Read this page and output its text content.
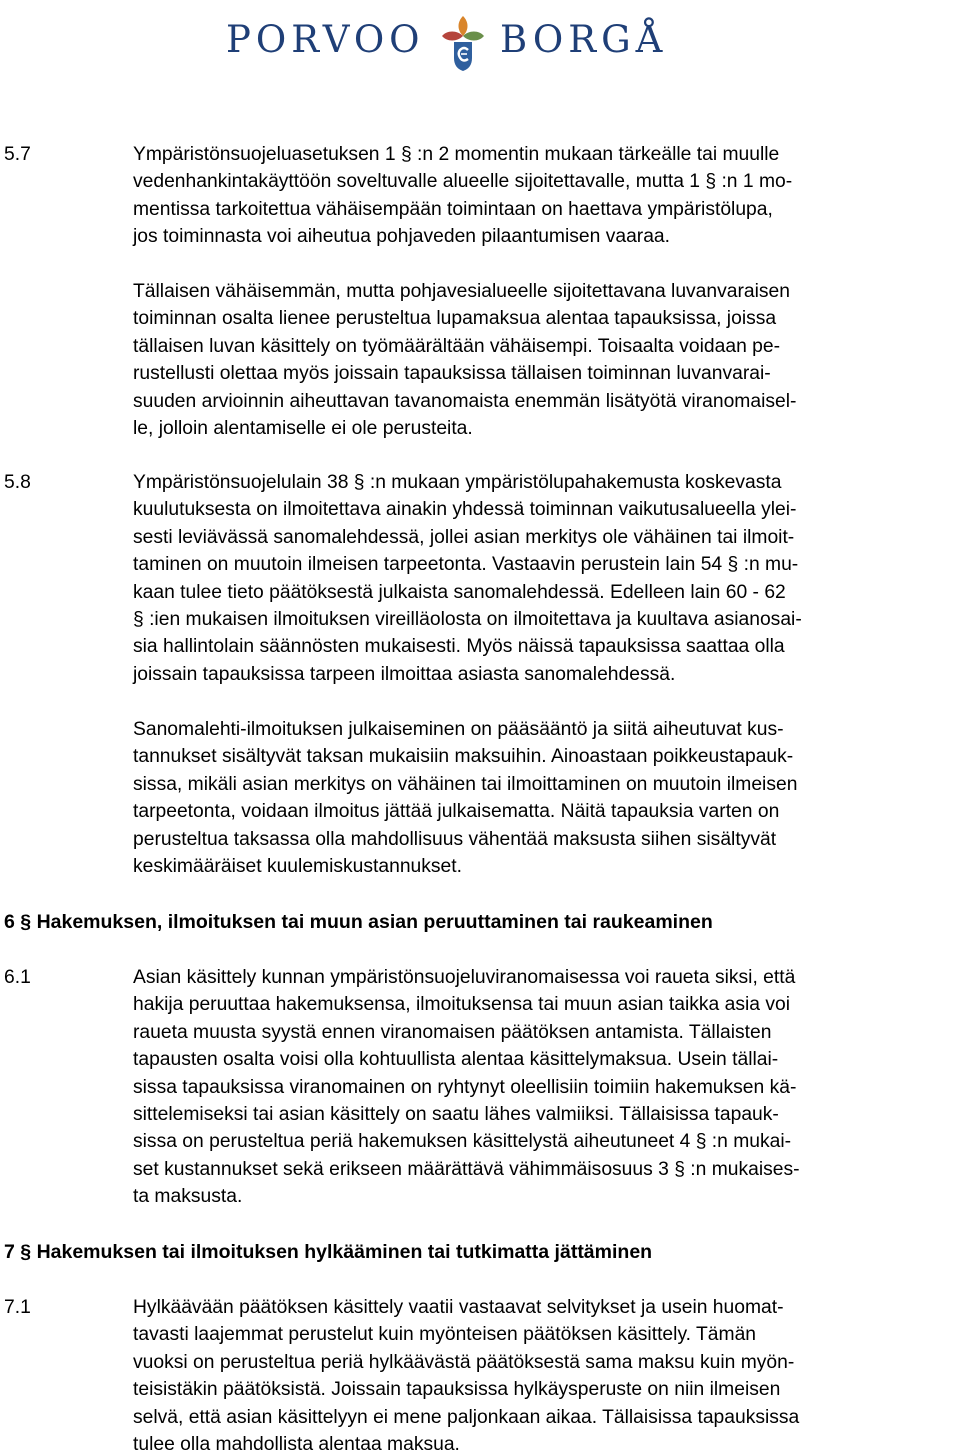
PORVOO BORGÅ
5.7	Ympäristönsuojeluasetuksen 1 § :n 2 momentin mukaan tärkeälle tai muulle
vedenhankintakäyttöön soveltuvalle alueelle sijoitettavalle, mutta 1 § :n 1 mo-
mentissa tarkoitettua vähäisempään toimintaan on haettava ympäristölupa,
jos toiminnasta voi aiheutua pohjaveden pilaantumisen vaaraa.
Tällaisen vähäisemmän, mutta pohjavesialueelle sijoitettavana luvanvaraisen
toiminnan osalta lienee perusteltua lupamaksua alentaa tapauksissa, joissa
tällaisen luvan käsittely on työmäärältään vähäisempi. Toisaalta voidaan pe-
rustellusti olettaa myös joissain tapauksissa tällaisen toiminnan luvanvarai-
suuden arvioinnin aiheuttavan tavanomaista enemmän lisätyötä viranomaisel-
le, jolloin alentamiselle ei ole perusteita.
5.8	Ympäristönsuojelulain 38 § :n mukaan ympäristölupahakemusta koskevasta
kuulutuksesta on ilmoitettava ainakin yhdessä toiminnan vaikutusalueella ylei-
sesti leviävässä sanomalehdessä, jollei asian merkitys ole vähäinen tai ilmoit-
taminen on muutoin ilmeisen tarpeetonta. Vastaavin perustein lain 54 § :n mu-
kaan tulee tieto päätöksestä julkaista sanomalehdessä. Edelleen lain 60 - 62
§ :ien mukaisen ilmoituksen vireilläolosta on ilmoitettava ja kuultava asianosai-
sia hallintolain säännösten mukaisesti. Myös näissä tapauksissa saattaa olla
joissain tapauksissa tarpeen ilmoittaa asiasta sanomalehdessä.
Sanomalehti-ilmoituksen julkaiseminen on pääsääntö ja siitä aiheutuvat kus-
tannukset sisältyvät taksan mukaisiin maksuihin. Ainoastaan poikkeustapauk-
sissa, mikäli asian merkitys on vähäinen tai ilmoittaminen on muutoin ilmeisen
tarpeetonta, voidaan ilmoitus jättää julkaisematta. Näitä tapauksia varten on
perusteltua taksassa olla mahdollisuus vähentää maksusta siihen sisältyvät
keskimääräiset kuulemiskustannukset.
6 § Hakemuksen, ilmoituksen tai muun asian peruuttaminen tai raukeaminen
6.1	Asian käsittely kunnan ympäristönsuojeluviranomaisessa voi raueta siksi, että
hakija peruuttaa hakemuksensa, ilmoituksensa tai muun asian taikka asia voi
raueta muusta syystä ennen viranomaisen päätöksen antamista. Tällaisten
tapausten osalta voisi olla kohtuullista alentaa käsittelymaksua. Usein tällai-
sissa tapauksissa viranomainen on ryhtynyt oleellisiin toimiin hakemuksen kä-
sittelemiseksi tai asian käsittely on saatu lähes valmiiksi. Tällaisissa tapauk-
sissa on perusteltua periä hakemuksen käsittelystä aiheutuneet 4 § :n mukai-
set kustannukset sekä erikseen määrättävä vähimmäisosuus 3 § :n mukaises-
ta maksusta.
7 § Hakemuksen tai ilmoituksen hylkääminen tai tutkimatta jättäminen
7.1	Hylkäävään päätöksen käsittely vaatii vastaavat selvitykset ja usein huomat-
tavasti laajemmat perustelut kuin myönteisen päätöksen käsittely. Tämän
vuoksi on perusteltua periä hylkäävästä päätöksestä sama maksu kuin myön-
teisistäkin päätöksistä. Joissain tapauksissa hylkäysperuste on niin ilmeisen
selvä, että asian käsittelyyn ei mene paljonkaan aikaa. Tällaisissa tapauksissa
tulee olla mahdollista alentaa maksua.
